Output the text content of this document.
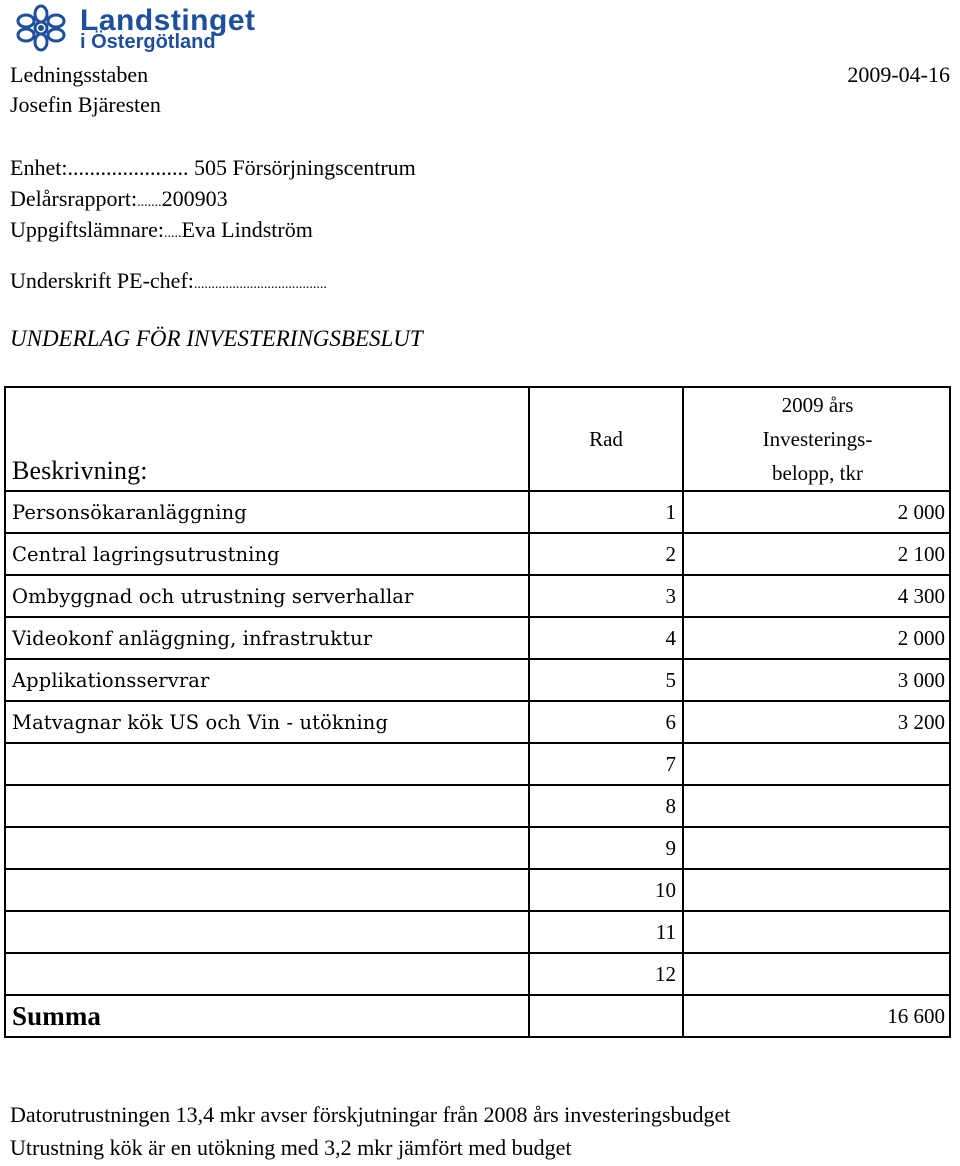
Landstinget
i Östergötland
Ledningsstaben	2009-04-16
Josefin Bjäresten
Enhet:...................... 505 Försörjningscentrum
Delårsrapport:.......200903
Uppgiftslämnare:.....Eva Lindström
Underskrift PE-chef:......................................
UNDERLAG FÖR INVESTERINGSBESLUT
Beskrivning:	Rad	2009 års
Investerings-
belopp, tkr

Personsökaranläggning	1	2 000
Central lagringsutrustning	2	2 100
Ombyggnad och utrustning serverhallar	3	4 300
Videokonf anläggning, infrastruktur	4	2 000
Applikationsservrar	5	3 000
Matvagnar kök US och Vin - utökning	6	3 200
	7	
	8	
	9	
	10	
	11	
	12	
Summa		16 600
Datorutrustningen 13,4 mkr avser förskjutningar från 2008 års investeringsbudget
Utrustning kök är en utökning med 3,2 mkr jämfört med budget
